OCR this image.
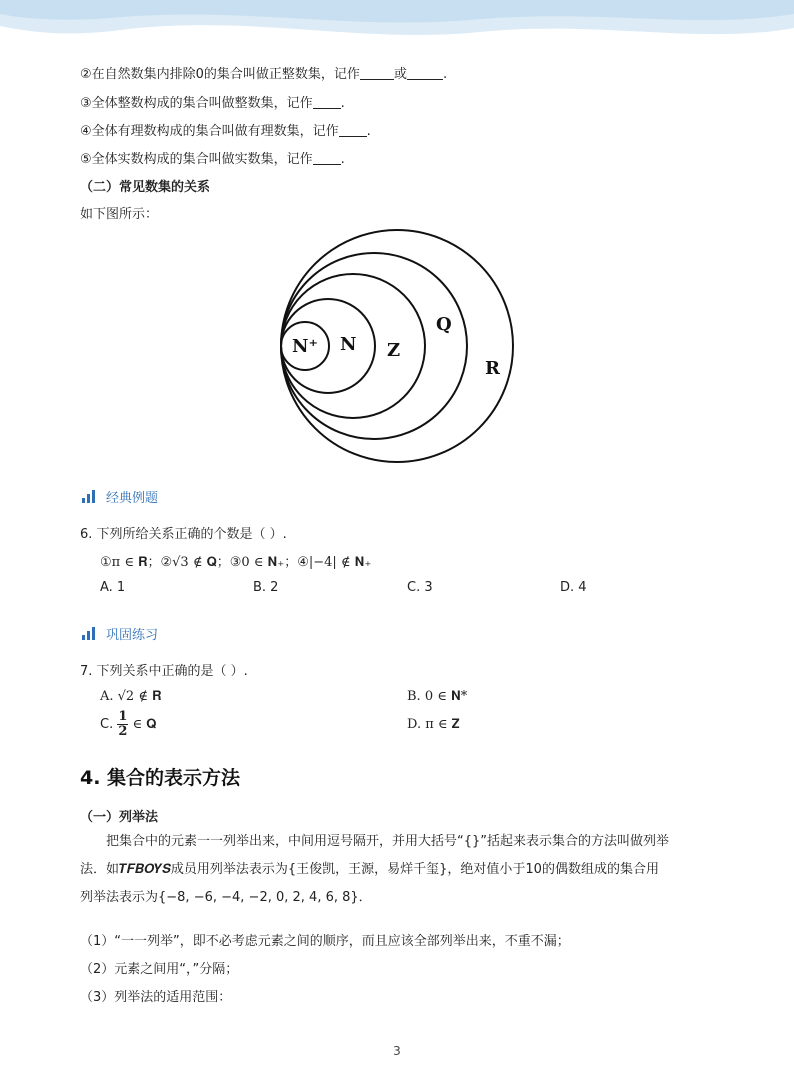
②在自然数集内排除0的集合叫做正整数集，记作	或	.
③全体整数构成的集合叫做整数集，记作 .
④全体有理数构成的集合叫做有理数集，记作 .
⑤全体实数构成的集合叫做实数集，记作 .
（二）常见数集的关系
如下图所示：
N⁺ N Z
Q
R
经典例题
6. 下列所给关系正确的个数是（ ）.
①π ∈ 𝐑；②√3 ∉ 𝐐；③0 ∈ 𝐍₊；④|−4| ∉ 𝐍₊
A. 1	B. 2	C. 3	D. 4
巩固练习
7. 下列关系中正确的是（ ）.
A. √2 ∉ 𝐑	B. 0 ∈ 𝐍*
C. $\frac{1}{2}$ ∈ 𝐐	D. π ∈ 𝐙
4. 集合的表示方法
（一）列举法
把集合中的元素一一列举出来，中间用逗号隔开，并用大括号“{}”括起来表示集合的方法叫做列举
法．如𝑻𝑭𝑩𝑶𝒀𝑺成员用列举法表示为{王俊凯，王源，易烊千玺}，绝对值小于10的偶数组成的集合用
列举法表示为{−8, −6, −4, −2, 0, 2, 4, 6, 8}．
（1）“一一列举”，即不必考虑元素之间的顺序，而且应该全部列举出来，不重不漏；
（2）元素之间用“，”分隔；
（3）列举法的适用范围：
3
